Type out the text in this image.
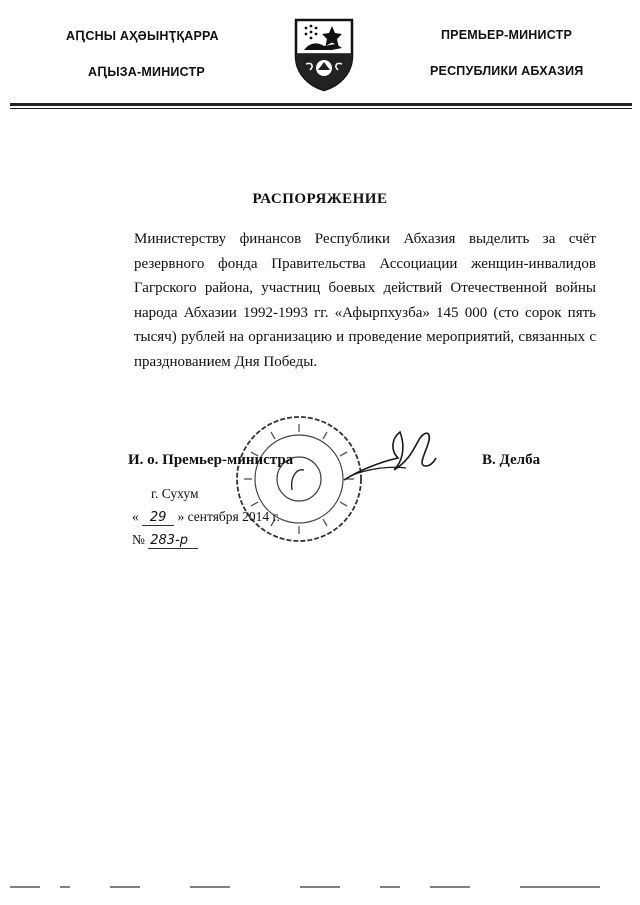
АԤСНЫ АҲӘЫНҬҚАРРА
АԤЫЗА-МИНИСТР
ПРЕМЬЕР-МИНИСТР
РЕСПУБЛИКИ АБХАЗИЯ
РАСПОРЯЖЕНИЕ
Министерству финансов Республики Абхазия выделить за счёт резервного фонда Правительства Ассоциации женщин-инвалидов Гагрского района, участниц боевых действий Отечественной войны народа Абхазии 1992-1993 гг. «Афырпхузба» 145 000 (сто сорок пять тысяч) рублей на организацию и проведение мероприятий, связанных с празднованием Дня Победы.
И. о. Премьер-министра	В. Делба
г. Сухум
« 29 » сентября 2014 г.
№ 283-р
